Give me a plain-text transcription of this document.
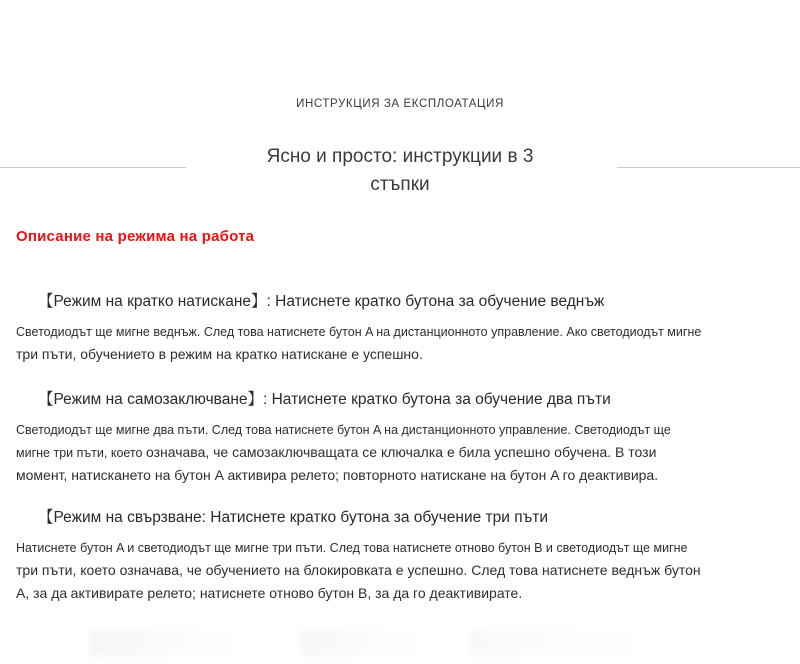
ИНСТРУКЦИЯ ЗА ЕКСПЛОАТАЦИЯ
Ясно и просто: инструкции в 3 стъпки
Описание на режима на работа
【Режим на кратко натискане】: Натиснете кратко бутона за обучение веднъж
Светодиодът ще мигне веднъж. След това натиснете бутон A на дистанционното управление. Ако светодиодът мигне три пъти, обучението в режим на кратко натискане е успешно.
【Режим на самозаключване】: Натиснете кратко бутона за обучение два пъти
Светодиодът ще мигне два пъти. След това натиснете бутон A на дистанционното управление. Светодиодът ще мигне три пъти, което означава, че самозаключващата се ключалка е била успешно обучена. В този момент, натискането на бутон A активира релето; повторното натискане на бутон A го деактивира.
【Режим на свързване: Натиснете кратко бутона за обучение три пъти
Натиснете бутон A и светодиодът ще мигне три пъти. След това натиснете отново бутон B и светодиодът ще мигне три пъти, което означава, че обучението на блокировката е успешно. След това натиснете веднъж бутон A, за да активирате релето; натиснете отново бутон B, за да го деактивирате.
